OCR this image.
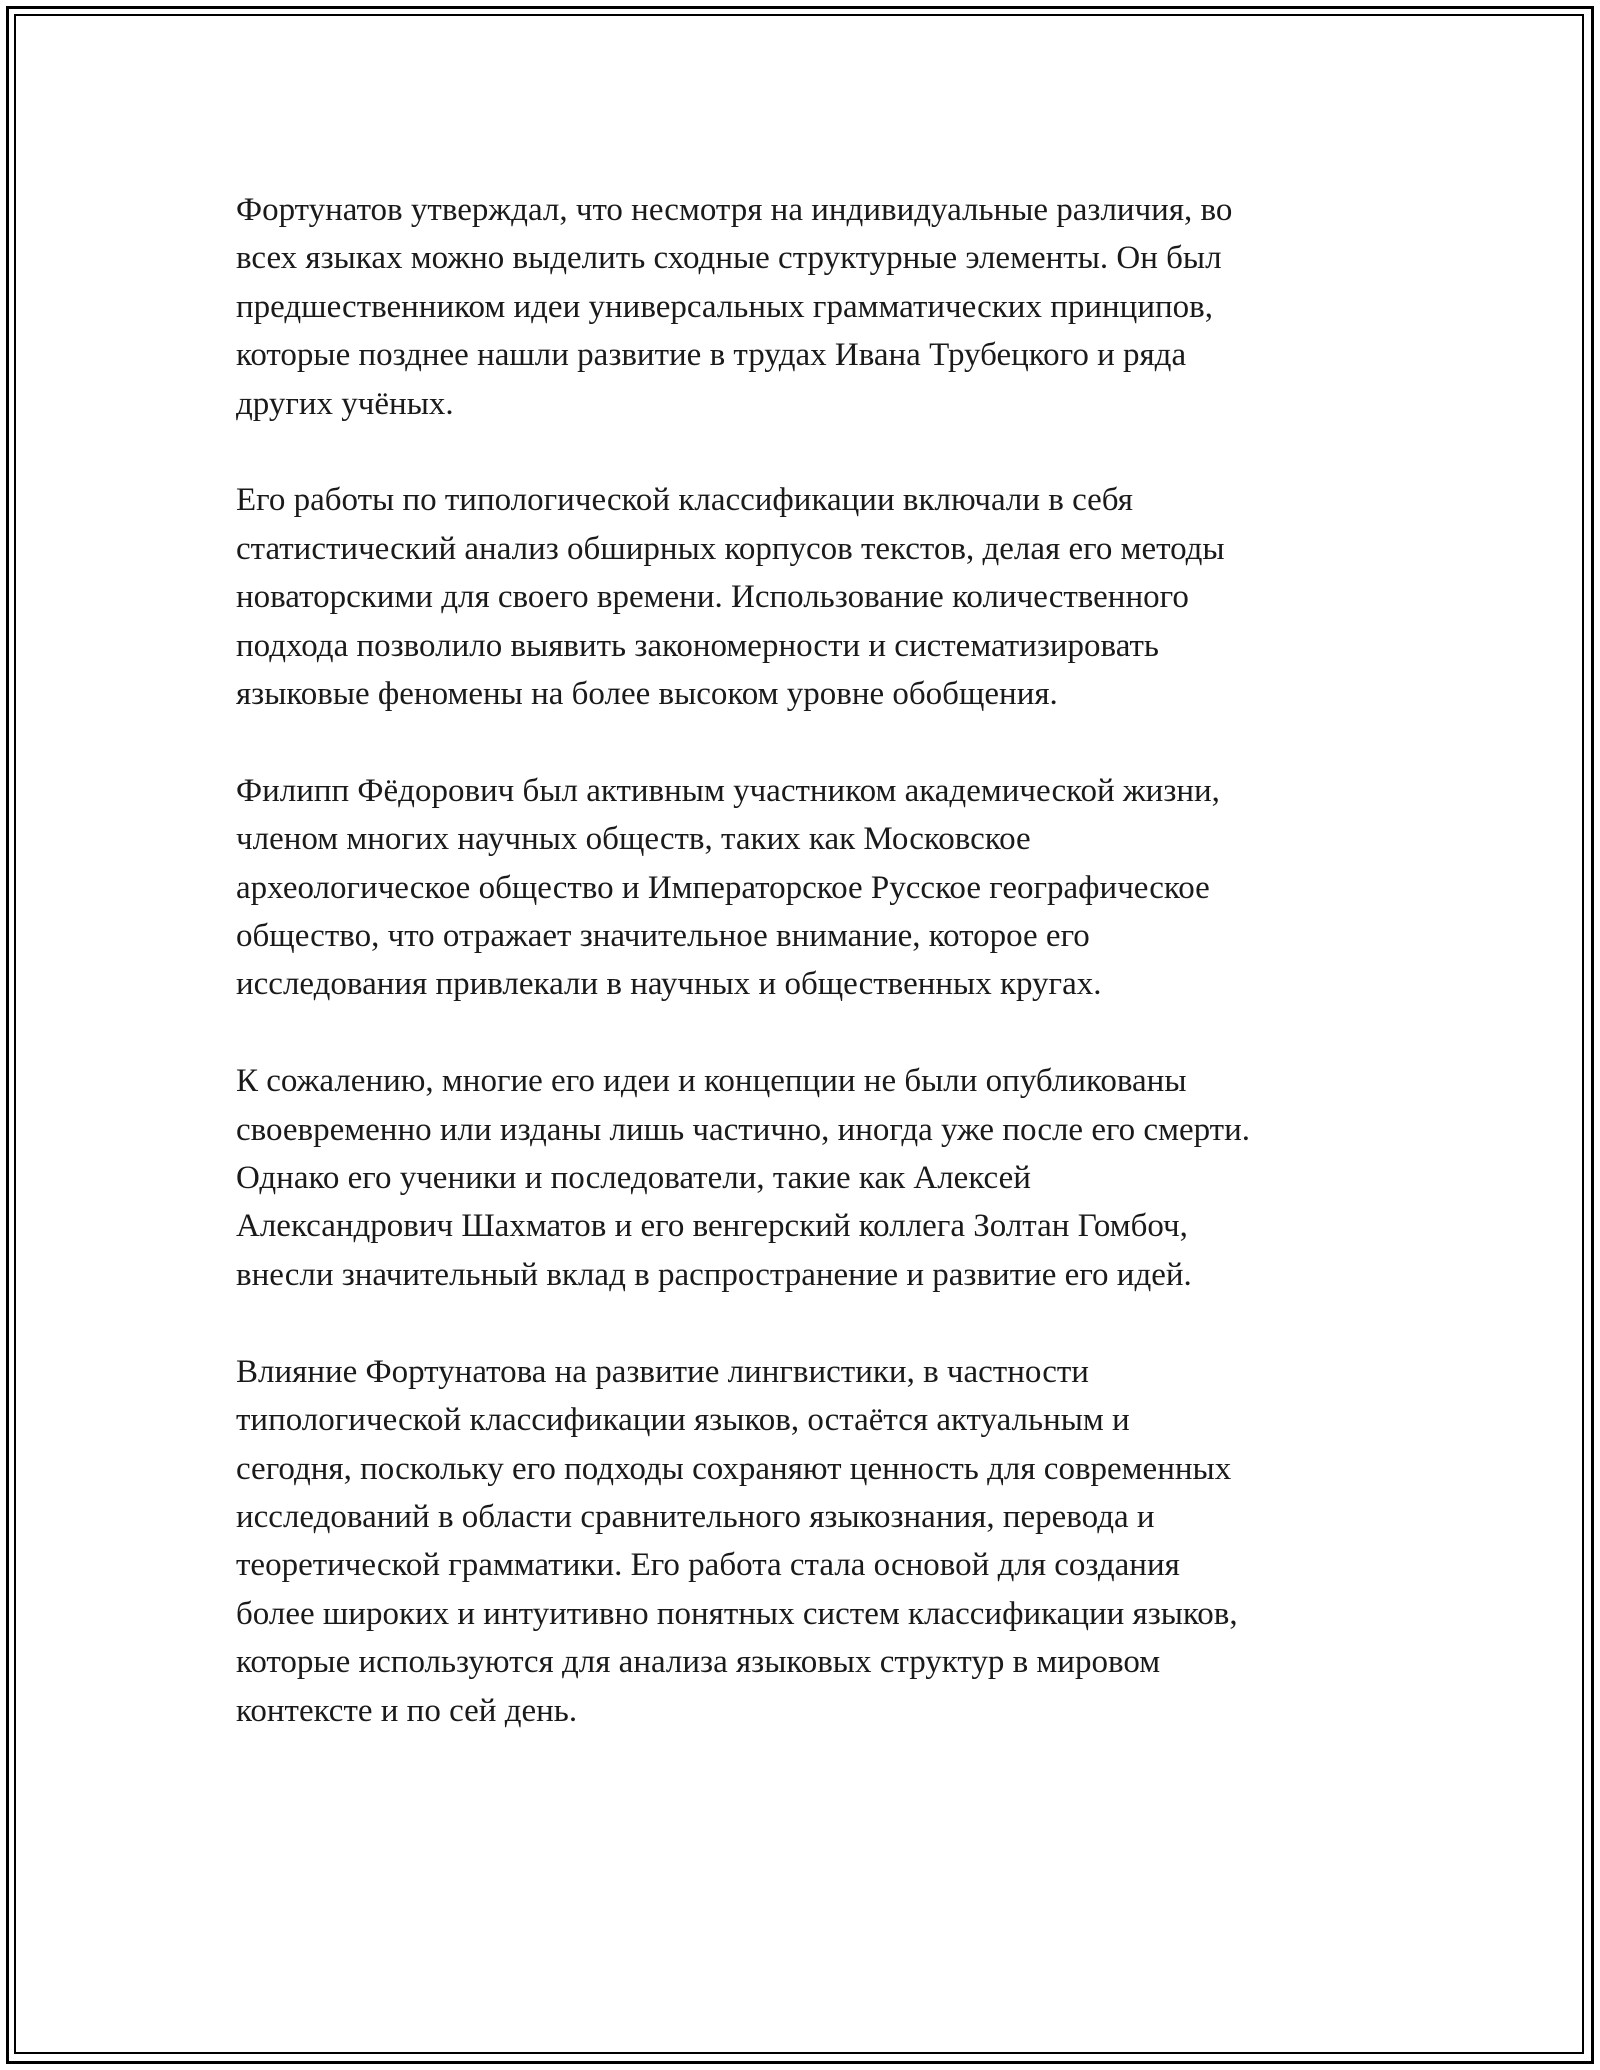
Фортунатов утверждал, что несмотря на индивидуальные различия, во
всех языках можно выделить сходные структурные элементы. Он был
предшественником идеи универсальных грамматических принципов,
которые позднее нашли развитие в трудах Ивана Трубецкого и ряда
других учёных.

Его работы по типологической классификации включали в себя
статистический анализ обширных корпусов текстов, делая его методы
новаторскими для своего времени. Использование количественного
подхода позволило выявить закономерности и систематизировать
языковые феномены на более высоком уровне обобщения.

Филипп Фёдорович был активным участником академической жизни,
членом многих научных обществ, таких как Московское
археологическое общество и Императорское Русское географическое
общество, что отражает значительное внимание, которое его
исследования привлекали в научных и общественных кругах.

К сожалению, многие его идеи и концепции не были опубликованы
своевременно или изданы лишь частично, иногда уже после его смерти.
Однако его ученики и последователи, такие как Алексей
Александрович Шахматов и его венгерский коллега Золтан Гомбоч,
внесли значительный вклад в распространение и развитие его идей.

Влияние Фортунатова на развитие лингвистики, в частности
типологической классификации языков, остаётся актуальным и
сегодня, поскольку его подходы сохраняют ценность для современных
исследований в области сравнительного языкознания, перевода и
теоретической грамматики. Его работа стала основой для создания
более широких и интуитивно понятных систем классификации языков,
которые используются для анализа языковых структур в мировом
контексте и по сей день.
